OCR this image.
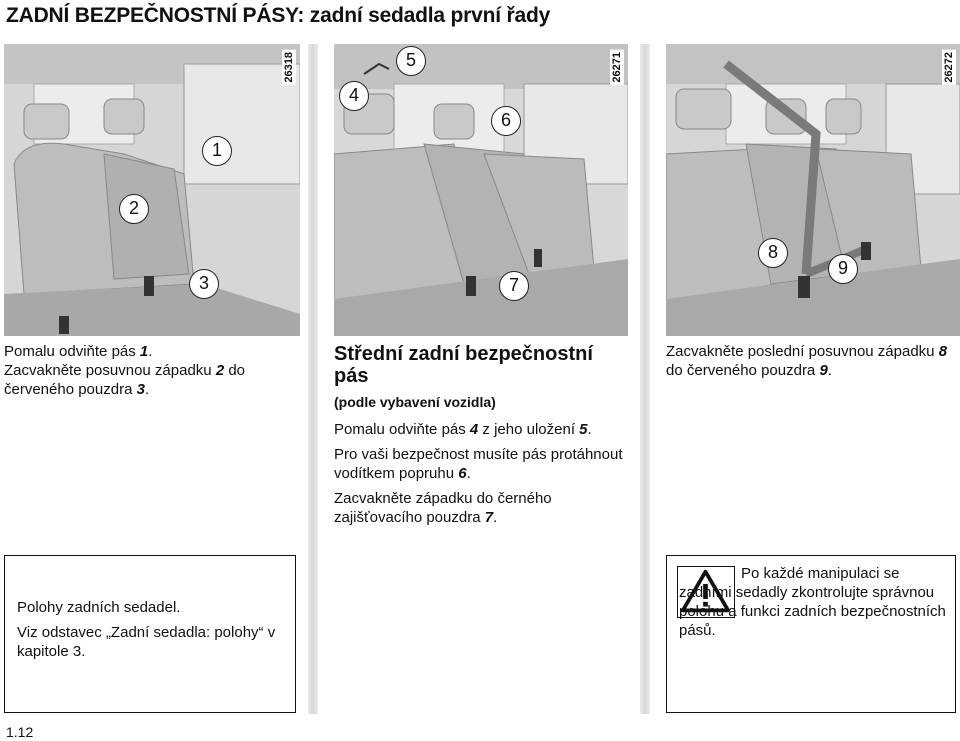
ZADNÍ BEZPEČNOSTNÍ PÁSY: zadní sedadla první řady
26318
1
2
3
26271
4
5
6
7
26272
8
9
Pomalu odviňte pás 1.
Zacvakněte posuvnou západku 2 do červeného pouzdra 3.
Střední zadní bezpečnostní pás
(podle vybavení vozidla)

Pomalu odviňte pás 4 z jeho uložení 5.

Pro vaši bezpečnost musíte pás protáhnout vodítkem popruhu 6.

Zacvakněte západku do černého zajišťovacího pouzdra 7.

Zacvakněte poslední posuvnou západku 8 do červeného pouzdra 9.
Polohy zadních sedadel.
Viz odstavec „Zadní sedadla: polohy“ v kapitole 3.
Po každé manipulaci se zadními sedadly zkontrolujte správnou polohu a funkci zadních bezpečnostních pásů.
1.12
